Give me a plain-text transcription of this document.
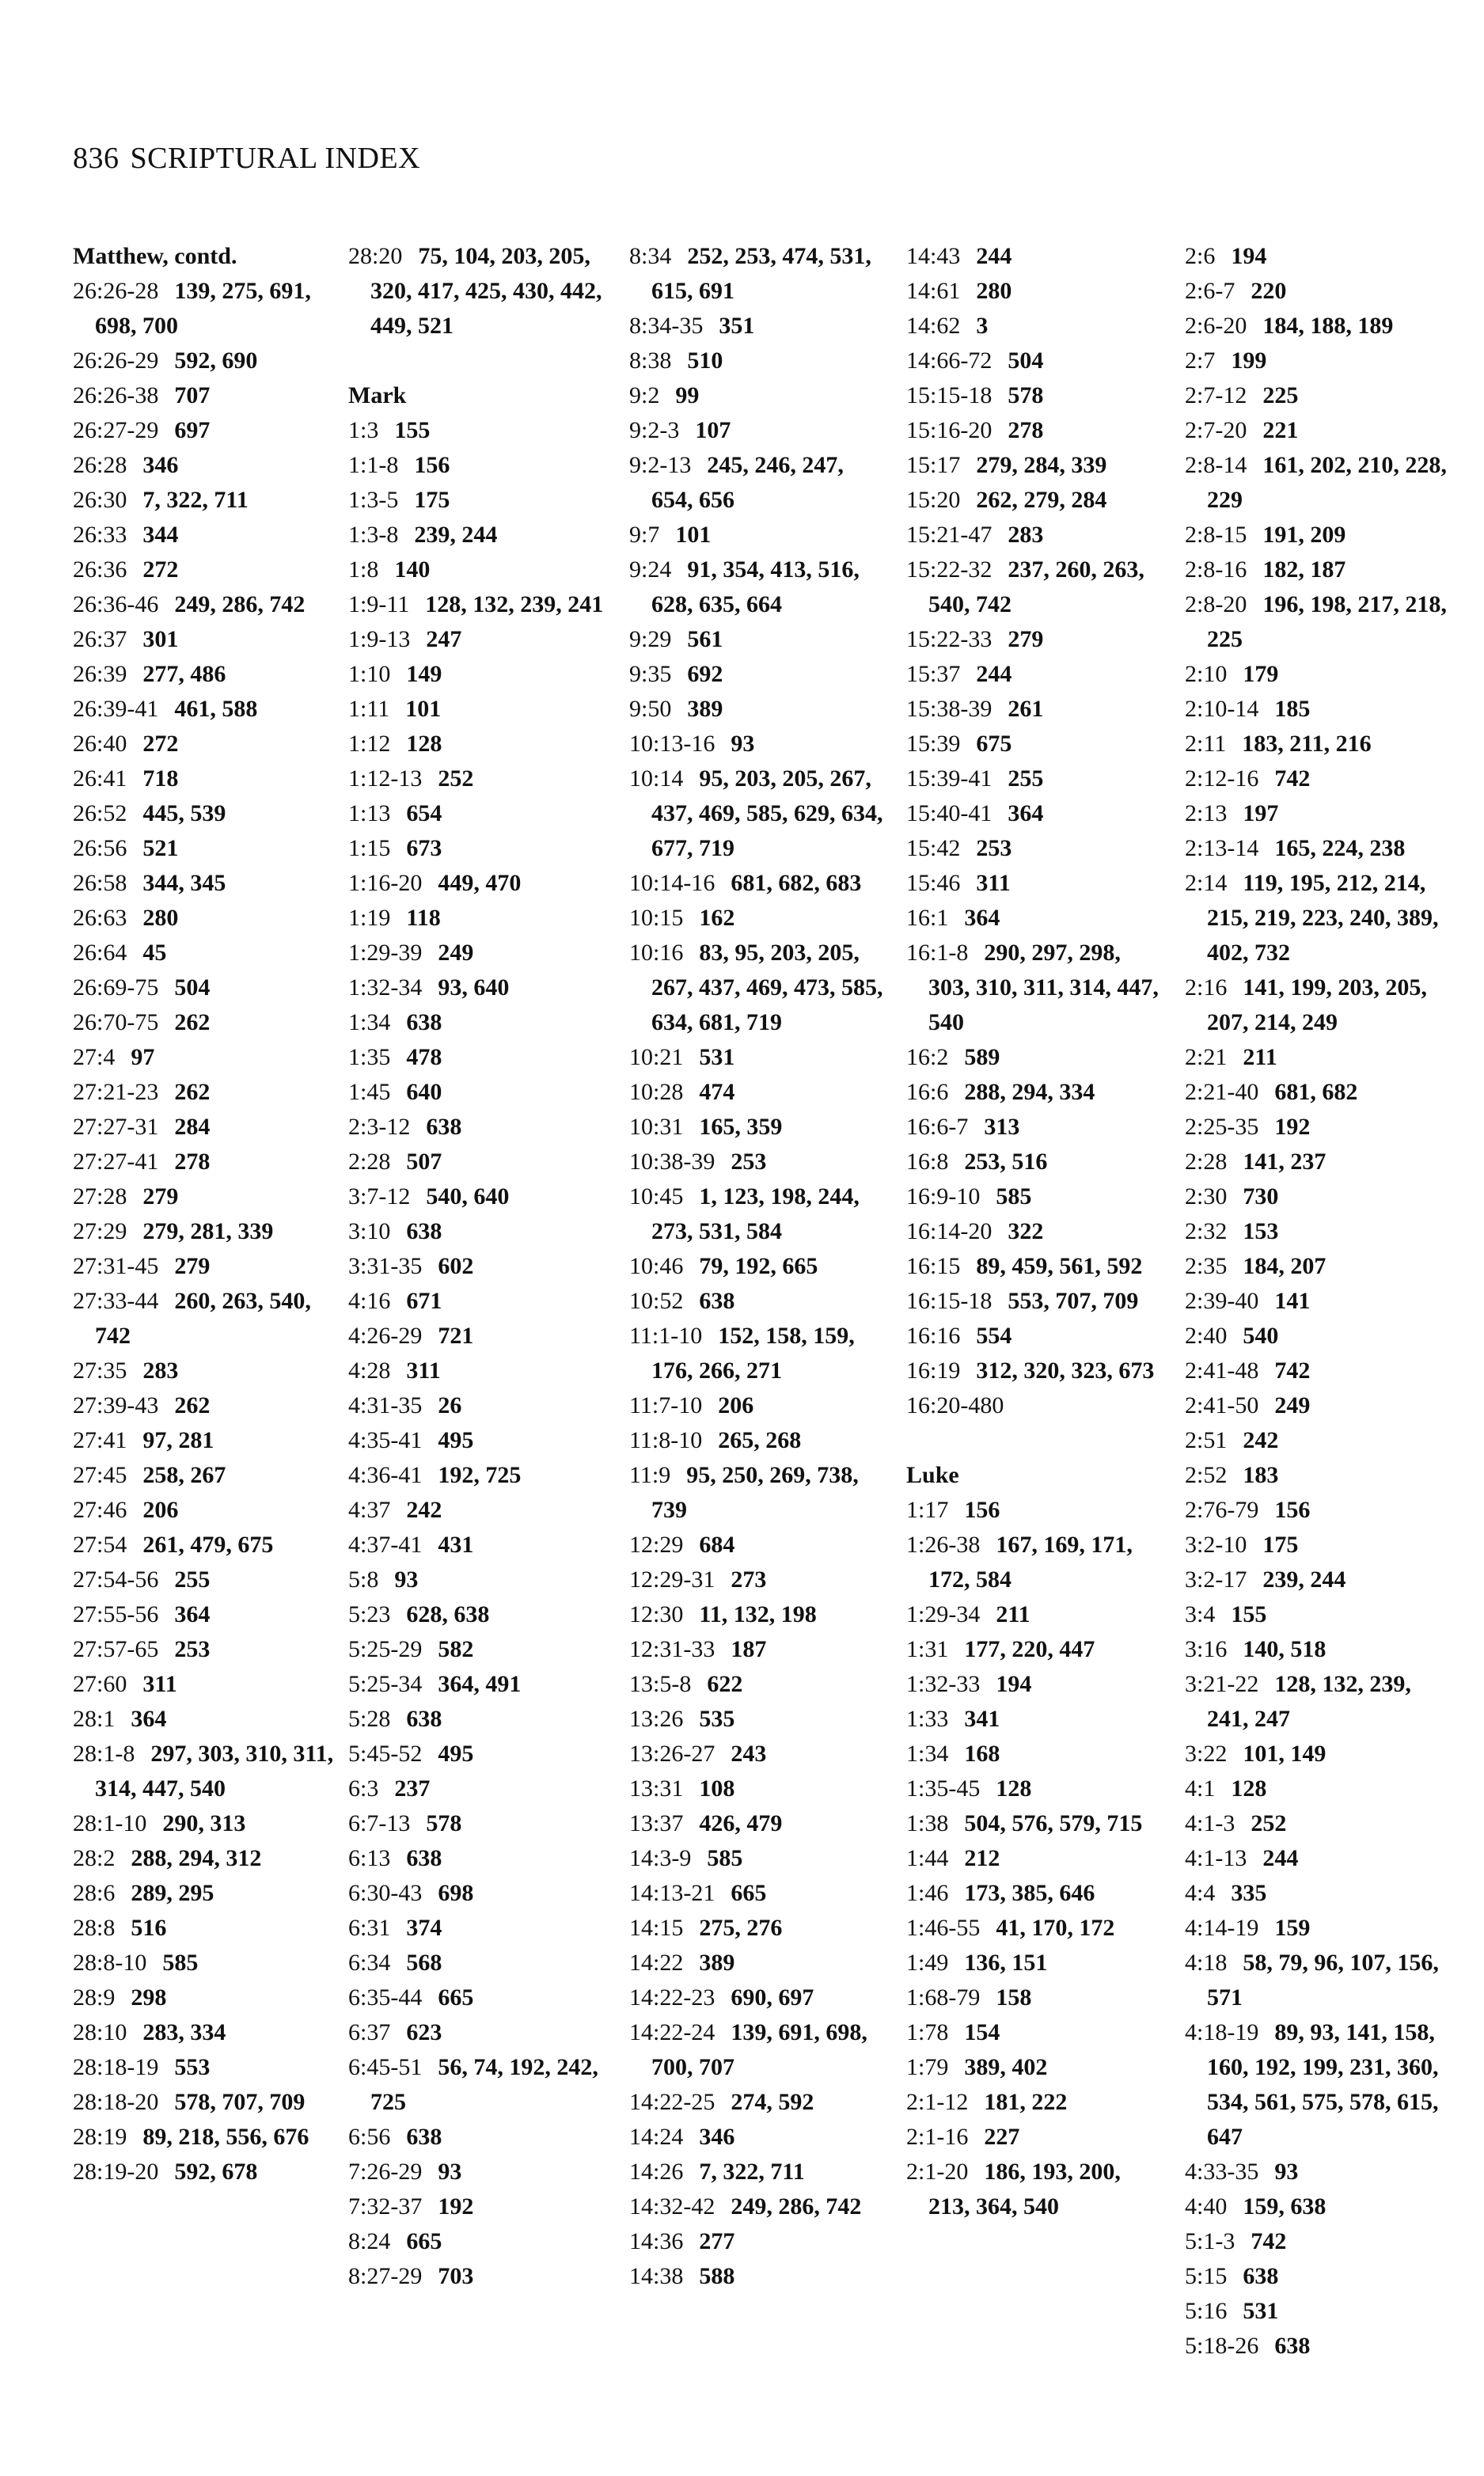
836 SCRIPTURAL INDEX
Matthew, contd.
26:26-28 139, 275, 691, 698, 700
26:26-29 592, 690
26:26-38 707
26:27-29 697
26:28 346
26:30 7, 322, 711
26:33 344
26:36 272
26:36-46 249, 286, 742
26:37 301
26:39 277, 486
26:39-41 461, 588
26:40 272
26:41 718
26:52 445, 539
26:56 521
26:58 344, 345
26:63 280
26:64 45
26:69-75 504
26:70-75 262
27:4 97
27:21-23 262
27:27-31 284
27:27-41 278
27:28 279
27:29 279, 281, 339
27:31-45 279
27:33-44 260, 263, 540, 742
27:35 283
27:39-43 262
27:41 97, 281
27:45 258, 267
27:46 206
27:54 261, 479, 675
27:54-56 255
27:55-56 364
27:57-65 253
27:60 311
28:1 364
28:1-8 297, 303, 310, 311, 314, 447, 540
28:1-10 290, 313
28:2 288, 294, 312
28:6 289, 295
28:8 516
28:8-10 585
28:9 298
28:10 283, 334
28:18-19 553
28:18-20 578, 707, 709
28:19 89, 218, 556, 676
28:19-20 592, 678
28:20 75, 104, 203, 205, 320, 417, 425, 430, 442, 449, 521
Mark
1:3 155
1:1-8 156
1:3-5 175
1:3-8 239, 244
1:8 140
1:9-11 128, 132, 239, 241
1:9-13 247
1:10 149
1:11 101
1:12 128
1:12-13 252
1:13 654
1:15 673
1:16-20 449, 470
1:19 118
1:29-39 249
1:32-34 93, 640
1:34 638
1:35 478
1:45 640
2:3-12 638
2:28 507
3:7-12 540, 640
3:10 638
3:31-35 602
4:16 671
4:26-29 721
4:28 311
4:31-35 26
4:35-41 495
4:36-41 192, 725
4:37 242
4:37-41 431
5:8 93
5:23 628, 638
5:25-29 582
5:25-34 364, 491
5:28 638
5:45-52 495
6:3 237
6:7-13 578
6:13 638
6:30-43 698
6:31 374
6:34 568
6:35-44 665
6:37 623
6:45-51 56, 74, 192, 242, 725
6:56 638
7:26-29 93
7:32-37 192
8:24 665
8:27-29 703
8:34 252, 253, 474, 531, 615, 691
8:34-35 351
8:38 510
9:2 99
9:2-3 107
9:2-13 245, 246, 247, 654, 656
9:7 101
9:24 91, 354, 413, 516, 628, 635, 664
9:29 561
9:35 692
9:50 389
10:13-16 93
10:14 95, 203, 205, 267, 437, 469, 585, 629, 634, 677, 719
10:14-16 681, 682, 683
10:15 162
10:16 83, 95, 203, 205, 267, 437, 469, 473, 585, 634, 681, 719
10:21 531
10:28 474
10:31 165, 359
10:38-39 253
10:45 1, 123, 198, 244, 273, 531, 584
10:46 79, 192, 665
10:52 638
11:1-10 152, 158, 159, 176, 266, 271
11:7-10 206
11:8-10 265, 268
11:9 95, 250, 269, 738, 739
12:29 684
12:29-31 273
12:30 11, 132, 198
12:31-33 187
13:5-8 622
13:26 535
13:26-27 243
13:31 108
13:37 426, 479
14:3-9 585
14:13-21 665
14:15 275, 276
14:22 389
14:22-23 690, 697
14:22-24 139, 691, 698, 700, 707
14:22-25 274, 592
14:24 346
14:26 7, 322, 711
14:32-42 249, 286, 742
14:36 277
14:38 588
14:43 244
14:61 280
14:62 3
14:66-72 504
15:15-18 578
15:16-20 278
15:17 279, 284, 339
15:20 262, 279, 284
15:21-47 283
15:22-32 237, 260, 263, 540, 742
15:22-33 279
15:37 244
15:38-39 261
15:39 675
15:39-41 255
15:40-41 364
15:42 253
15:46 311
16:1 364
16:1-8 290, 297, 298, 303, 310, 311, 314, 447, 540
16:2 589
16:6 288, 294, 334
16:6-7 313
16:8 253, 516
16:9-10 585
16:14-20 322
16:15 89, 459, 561, 592
16:15-18 553, 707, 709
16:16 554
16:19 312, 320, 323, 673
16:20-480
Luke
1:17 156
1:26-38 167, 169, 171, 172, 584
1:29-34 211
1:31 177, 220, 447
1:32-33 194
1:33 341
1:34 168
1:35-45 128
1:38 504, 576, 579, 715
1:44 212
1:46 173, 385, 646
1:46-55 41, 170, 172
1:49 136, 151
1:68-79 158
1:78 154
1:79 389, 402
2:1-12 181, 222
2:1-16 227
2:1-20 186, 193, 200, 213, 364, 540
2:6 194
2:6-7 220
2:6-20 184, 188, 189
2:7 199
2:7-12 225
2:7-20 221
2:8-14 161, 202, 210, 228, 229
2:8-15 191, 209
2:8-16 182, 187
2:8-20 196, 198, 217, 218, 225
2:10 179
2:10-14 185
2:11 183, 211, 216
2:12-16 742
2:13 197
2:13-14 165, 224, 238
2:14 119, 195, 212, 214, 215, 219, 223, 240, 389, 402, 732
2:16 141, 199, 203, 205, 207, 214, 249
2:21 211
2:21-40 681, 682
2:25-35 192
2:28 141, 237
2:30 730
2:32 153
2:35 184, 207
2:39-40 141
2:40 540
2:41-48 742
2:41-50 249
2:51 242
2:52 183
2:76-79 156
3:2-10 175
3:2-17 239, 244
3:4 155
3:16 140, 518
3:21-22 128, 132, 239, 241, 247
3:22 101, 149
4:1 128
4:1-3 252
4:1-13 244
4:4 335
4:14-19 159
4:18 58, 79, 96, 107, 156, 571
4:18-19 89, 93, 141, 158, 160, 192, 199, 231, 360, 534, 561, 575, 578, 615, 647
4:33-35 93
4:40 159, 638
5:1-3 742
5:15 638
5:16 531
5:18-26 638
